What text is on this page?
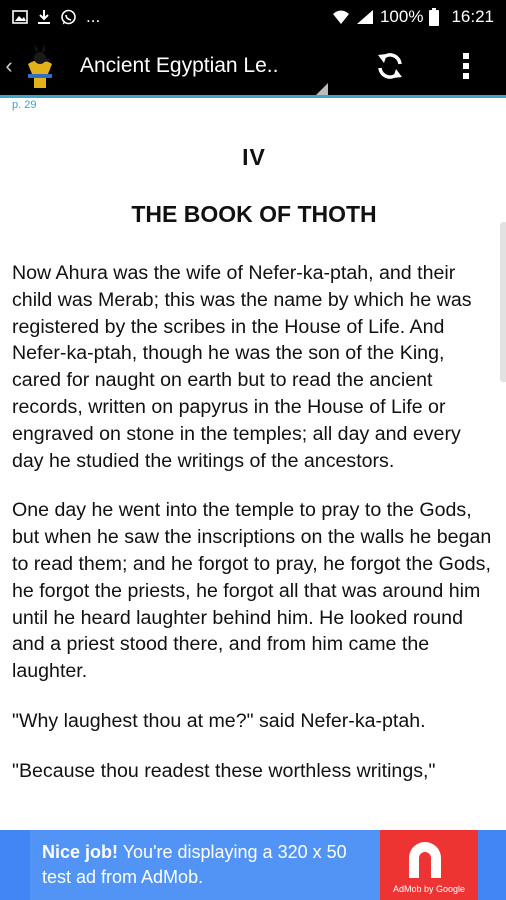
...	100% 16:21
‹	Ancient Egyptian Le..
p. 29
IV
THE BOOK OF THOTH

Now Ahura was the wife of Nefer-ka-ptah, and their child was Merab; this was the name by which he was registered by the scribes in the House of Life. And Nefer-ka-ptah, though he was the son of the King, cared for naught on earth but to read the ancient records, written on papyrus in the House of Life or engraved on stone in the temples; all day and every day he studied the writings of the ancestors.

One day he went into the temple to pray to the Gods, but when he saw the inscriptions on the walls he began to read them; and he forgot to pray, he forgot the Gods, he forgot the priests, he forgot all that was around him until he heard laughter behind him. He looked round and a priest stood there, and from him came the laughter.

"Why laughest thou at me?" said Nefer-ka-ptah.

"Because thou readest these worthless writings,"

Nice job! You're displaying a 320 x 50 test ad from AdMob.
AdMob by Google
